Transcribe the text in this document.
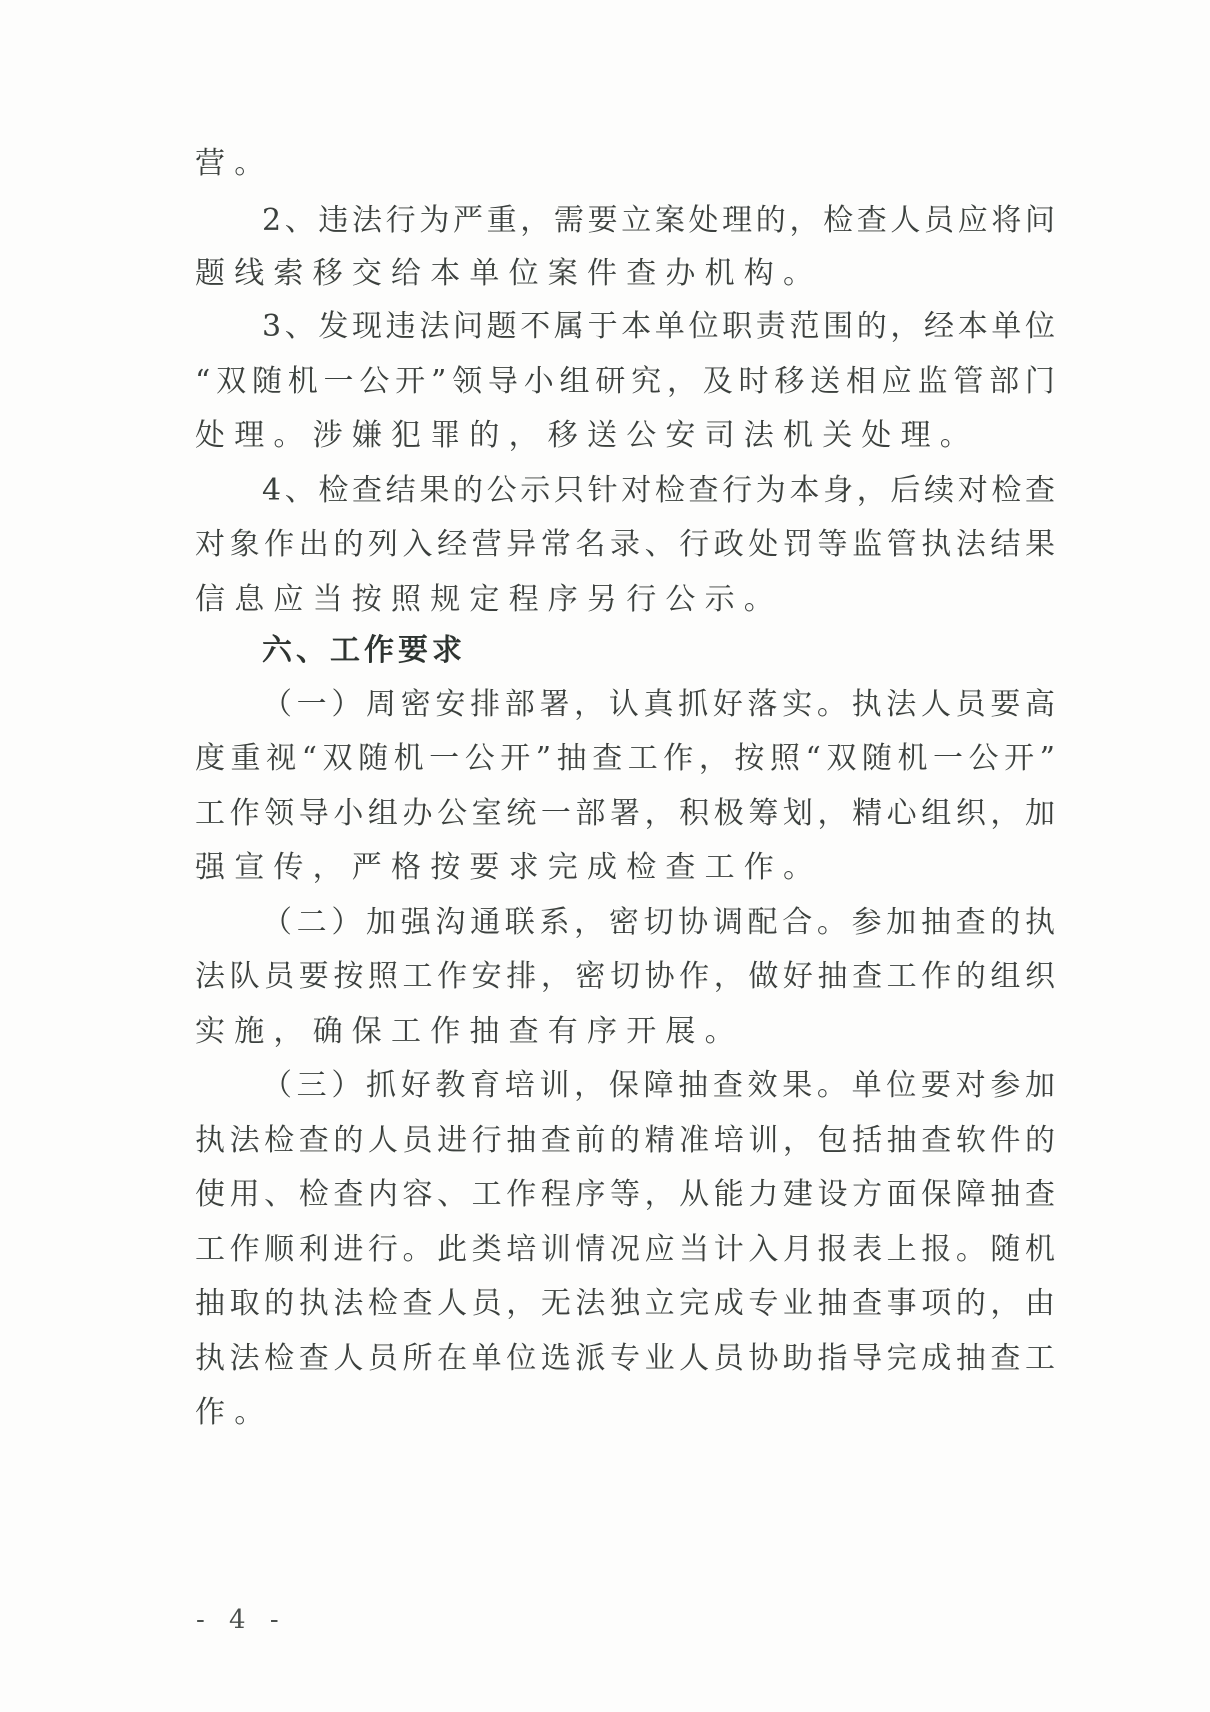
营。
2、违法行为严重，需要立案处理的，检查人员应将问
题线索移交给本单位案件查办机构。
3、发现违法问题不属于本单位职责范围的，经本单位
“双随机一公开”领导小组研究，及时移送相应监管部门
处理。涉嫌犯罪的，移送公安司法机关处理。
4、检查结果的公示只针对检查行为本身，后续对检查
对象作出的列入经营异常名录、行政处罚等监管执法结果
信息应当按照规定程序另行公示。
六、工作要求
（一）周密安排部署，认真抓好落实。执法人员要高
度重视“双随机一公开”抽查工作，按照“双随机一公开”
工作领导小组办公室统一部署，积极筹划，精心组织，加
强宣传，严格按要求完成检查工作。
（二）加强沟通联系，密切协调配合。参加抽查的执
法队员要按照工作安排，密切协作，做好抽查工作的组织
实施，确保工作抽查有序开展。
（三）抓好教育培训，保障抽查效果。单位要对参加
执法检查的人员进行抽查前的精准培训，包括抽查软件的
使用、检查内容、工作程序等，从能力建设方面保障抽查
工作顺利进行。此类培训情况应当计入月报表上报。随机
抽取的执法检查人员，无法独立完成专业抽查事项的，由
执法检查人员所在单位选派专业人员协助指导完成抽查工
作。
- 4 -
